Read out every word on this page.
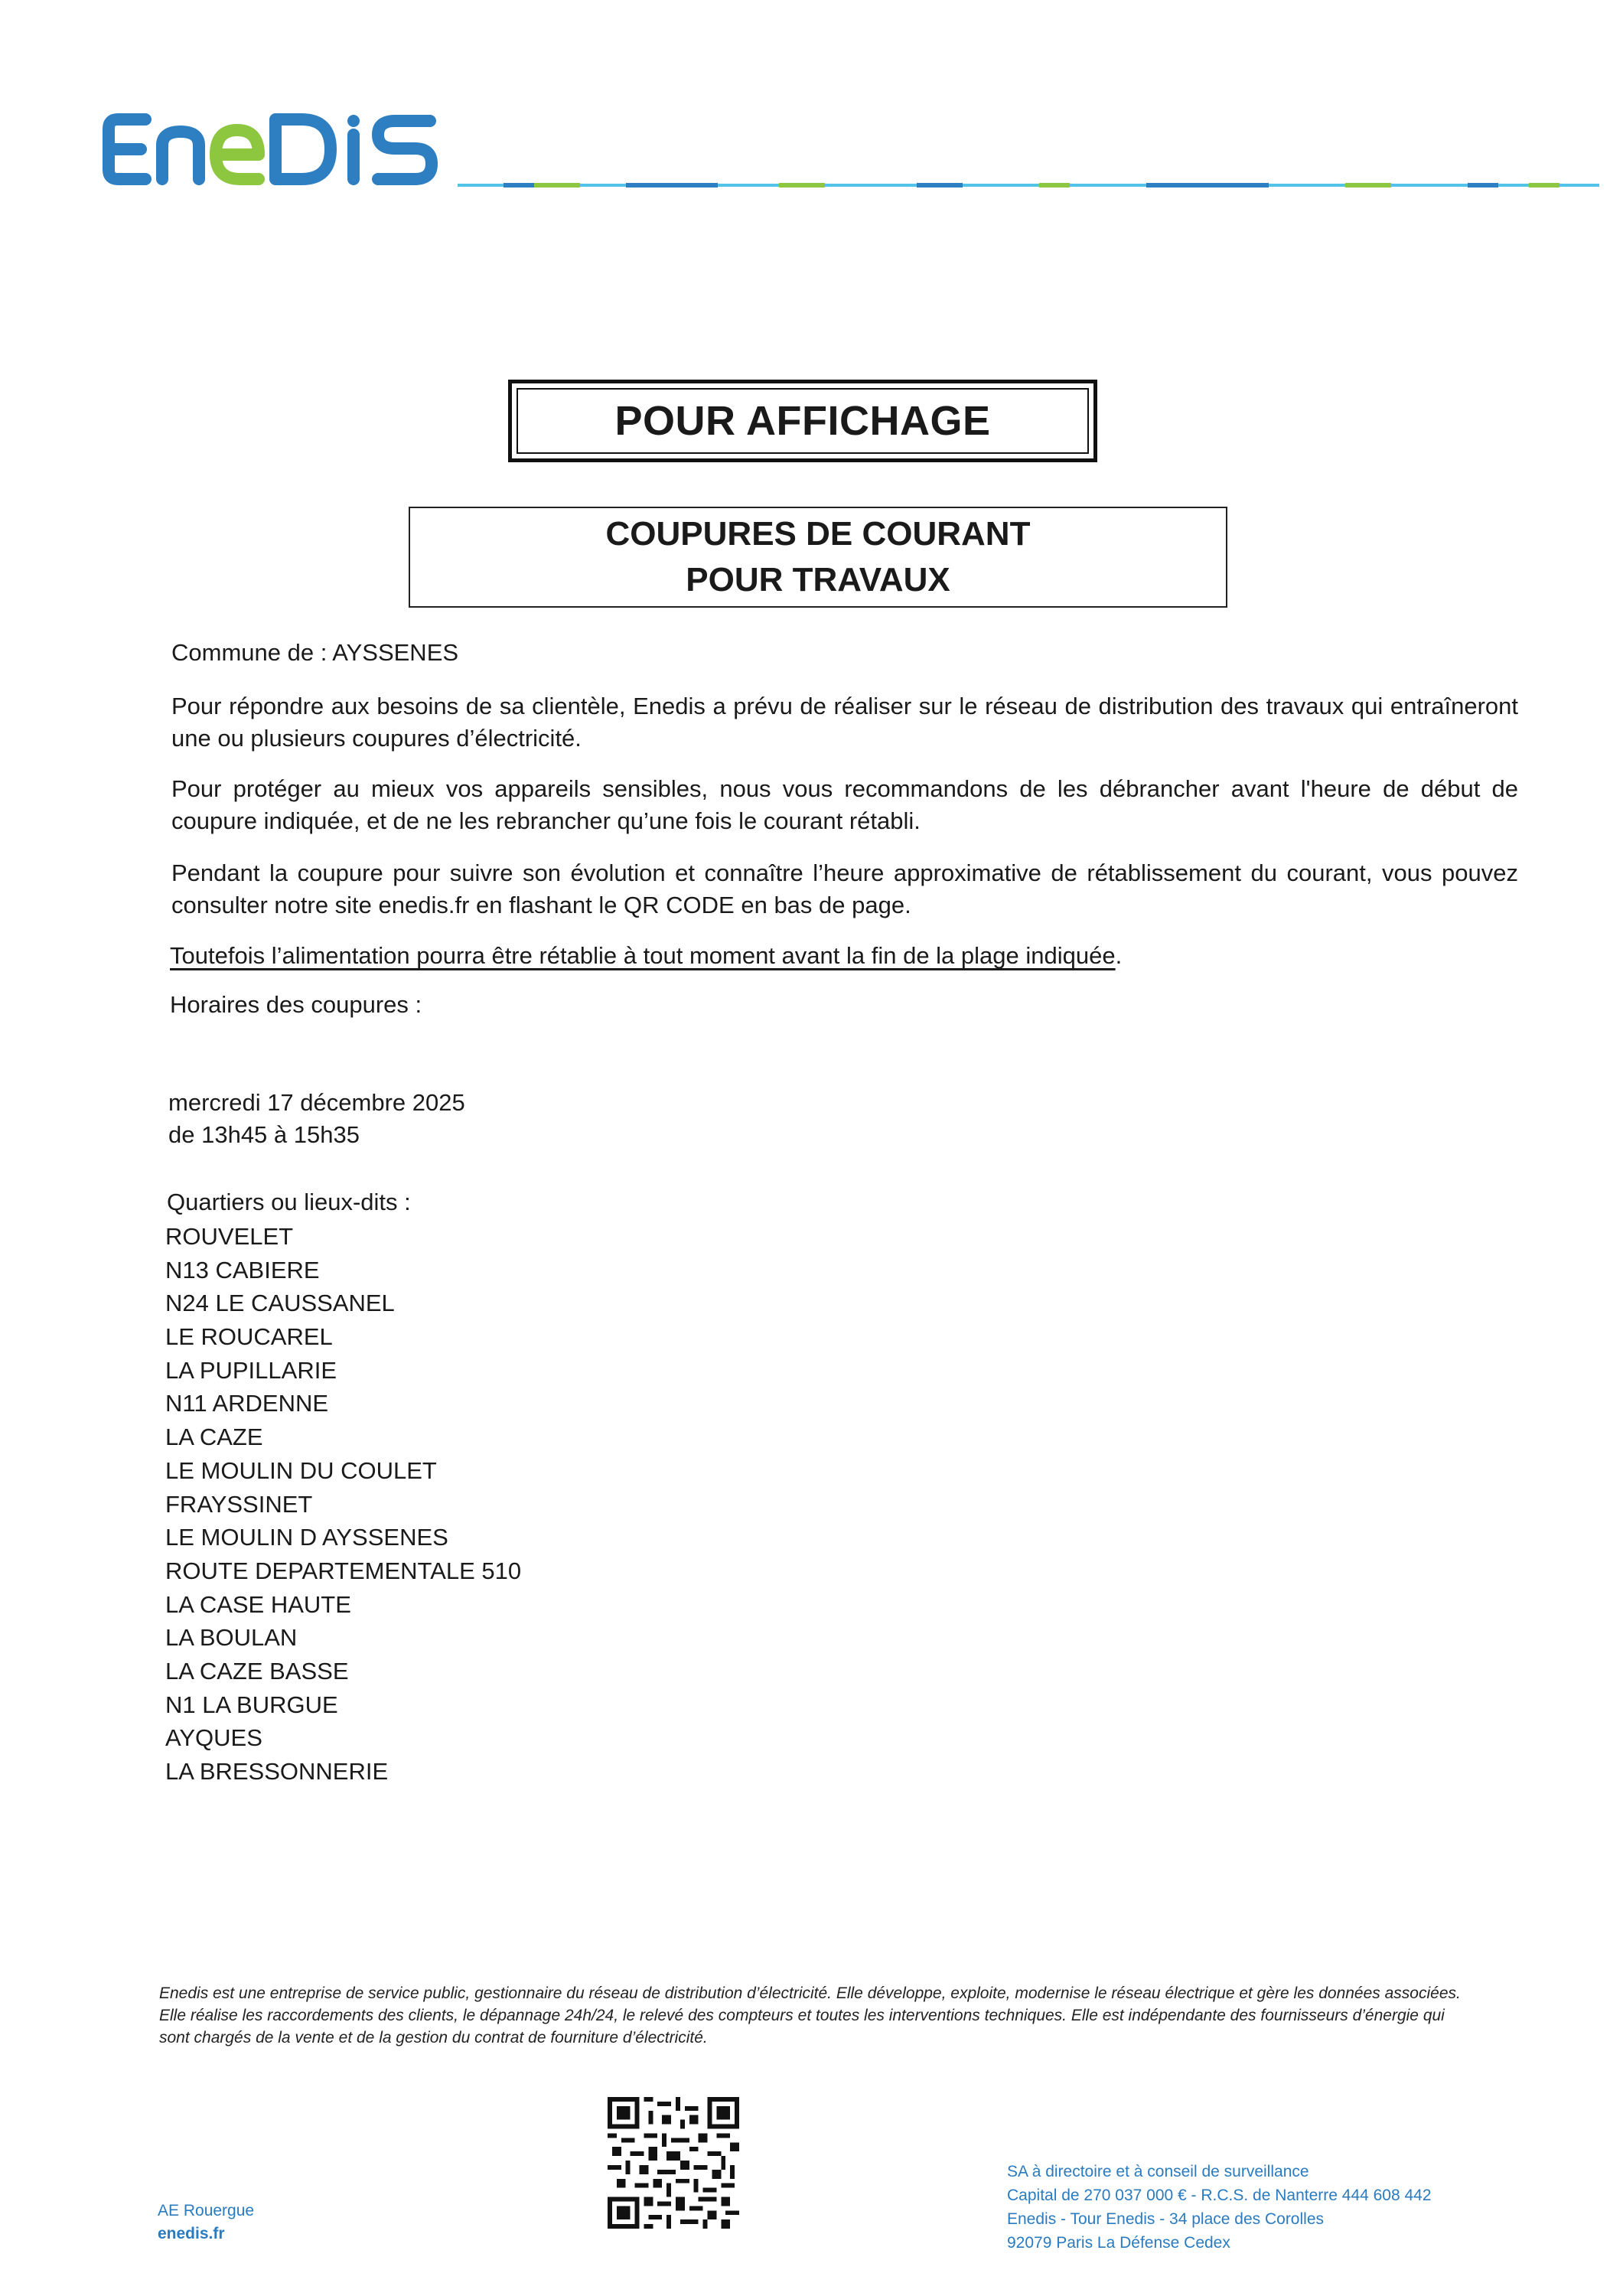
POUR AFFICHAGE
COUPURES DE COURANT
POUR TRAVAUX
Commune de : AYSSENES
Pour répondre aux besoins de sa clientèle, Enedis a prévu de réaliser sur le réseau de distribution des travaux qui entraîneront une ou plusieurs coupures d’électricité.
Pour protéger au mieux vos appareils sensibles, nous vous recommandons de les débrancher avant l'heure de début de coupure indiquée, et de ne les rebrancher qu’une fois le courant rétabli.
Pendant la coupure pour suivre son évolution et connaître l’heure approximative de rétablissement du courant, vous pouvez consulter notre site enedis.fr en flashant le QR CODE en bas de page.
Toutefois l’alimentation pourra être rétablie à tout moment avant la fin de la plage indiquée.
Horaires des coupures :
mercredi 17 décembre 2025
de 13h45 à 15h35
Quartiers ou lieux-dits :
ROUVELET
N13 CABIERE
N24 LE CAUSSANEL
LE ROUCAREL
LA PUPILLARIE
N11 ARDENNE
LA CAZE
LE MOULIN DU COULET
FRAYSSINET
LE MOULIN D AYSSENES
ROUTE DEPARTEMENTALE 510
LA CASE HAUTE
LA BOULAN
LA CAZE BASSE
N1 LA BURGUE
AYQUES
LA BRESSONNERIE
Enedis est une entreprise de service public, gestionnaire du réseau de distribution d’électricité. Elle développe, exploite, modernise le réseau électrique et gère les données associées. Elle réalise les raccordements des clients, le dépannage 24h/24, le relevé des compteurs et toutes les interventions techniques. Elle est indépendante des fournisseurs d’énergie qui sont chargés de la vente et de la gestion du contrat de fourniture d’électricité.
AE Rouergue
enedis.fr
SA à directoire et à conseil de surveillance
Capital de 270 037 000 € - R.C.S. de Nanterre 444 608 442
Enedis - Tour Enedis - 34 place des Corolles
92079 Paris La Défense Cedex
